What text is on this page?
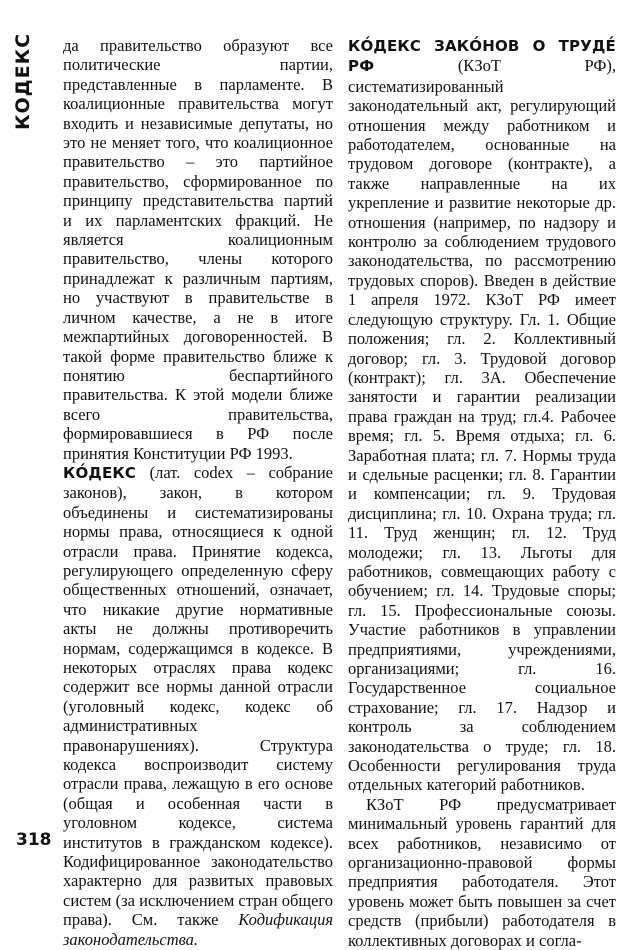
КОДЕКС да правительство образуют все политические партии, представленные в парламенте. В коалиционные правительства могут входить и независимые депутаты, но это не меняет того, что коалиционное правительство – это партийное правительство, сформированное по принципу представительства партий и их парламентских фракций. Не является коалиционным правительство, члены которого принадлежат к различным партиям, но участвуют в правительстве в личном качестве, а не в итоге межпартийных договоренностей. В такой форме правительство ближе к понятию беспартийного правительства. К этой модели ближе всего правительства, формировавшиеся в РФ после принятия Конституции РФ 1993.

КО́ДЕКС (лат. codex – собрание законов), закон, в котором объединены и систематизированы нормы права, относящиеся к одной отрасли права. Принятие кодекса, регулирующего определенную сферу общественных отношений, означает, что никакие другие нормативные акты не должны противоречить нормам, содержащимся в кодексе. В некоторых отраслях права кодекс содержит все нормы данной отрасли (уголовный кодекс, кодекс об административных правонарушениях). Структура кодекса воспроизводит систему отрасли права, лежащую в его основе (общая и особенная части в уголовном кодексе, система институтов в гражданском кодексе). Кодифицированное законодательство характерно для развитых правовых систем (за исключением стран общего права). См. также Кодификация законодательства.

КО́ДЕКС ЗАКО́НОВ О ТРУДЕ́ РФ (КЗоТ РФ), систематизированный законодательный акт, регулирующий отношения между работником и работодателем, основанные на трудовом договоре (контракте), а также направленные на их укрепление и развитие некоторые др. отношения (например, по надзору и контролю за соблюдением трудового законодательства, по рассмотрению трудовых споров). Введен в действие 1 апреля 1972. КЗоТ РФ имеет следующую структуру. Гл. 1. Общие положения; гл. 2. Коллективный договор; гл. 3. Трудовой договор (контракт); гл. 3А. Обеспечение занятости и гарантии реализации права граждан на труд; гл.4. Рабочее время; гл. 5. Время отдыха; гл. 6. Заработная плата; гл. 7. Нормы труда и сдельные расценки; гл. 8. Гарантии и компенсации; гл. 9. Трудовая дисциплина; гл. 10. Охрана труда; гл. 11. Труд женщин; гл. 12. Труд молодежи; гл. 13. Льготы для работников, совмещающих работу с обучением; гл. 14. Трудовые споры; гл. 15. Профессиональные союзы. Участие работников в управлении предприятиями, учреждениями, организациями; гл. 16. Государственное социальное страхование; гл. 17. Надзор и контроль за соблюдением законодательства о труде; гл. 18. Особенности регулирования труда отдельных категорий работников.

КЗоТ РФ предусматривает минимальный уровень гарантий для всех работников, независимо от организационно-правовой формы предприятия работодателя. Этот уровень может быть повышен за счет средств (прибыли) работодателя в коллективных договорах и согла-

318
